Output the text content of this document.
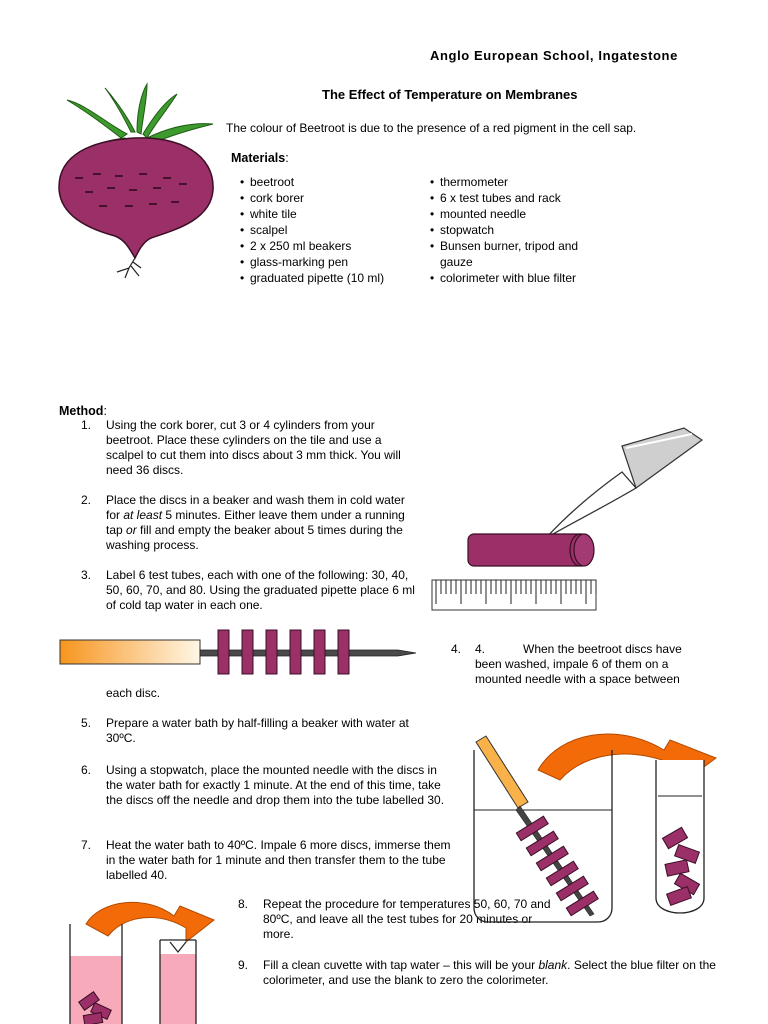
Anglo European School, Ingatestone
The Effect of Temperature on Membranes
The colour of Beetroot is due to the presence of a red pigment in the cell sap.
Materials:
• beetroot
• cork borer
• white tile
• scalpel
• 2 x 250 ml beakers
• glass-marking pen
• graduated pipette (10 ml)
• thermometer
• 6 x test tubes and rack
• mounted needle
• stopwatch
• Bunsen burner, tripod and gauze
• colorimeter with blue filter
Method:
1. Using the cork borer, cut 3 or 4 cylinders from your beetroot. Place these cylinders on the tile and use a scalpel to cut them into discs about 3 mm thick. You will need 36 discs.
2. Place the discs in a beaker and wash them in cold water for at least 5 minutes. Either leave them under a running tap or fill and empty the beaker about 5 times during the washing process.
3. Label 6 test tubes, each with one of the following: 30, 40, 50, 60, 70, and 80. Using the graduated pipette place 6 ml of cold tap water in each one.
4. 4.	When the beetroot discs have been washed, impale 6 of them on a mounted needle with a space between
each disc.
5. Prepare a water bath by half-filling a beaker with water at 30ºC.
6. Using a stopwatch, place the mounted needle with the discs in the water bath for exactly 1 minute. At the end of this time, take the discs off the needle and drop them into the tube labelled 30.
7. Heat the water bath to 40ºC. Impale 6 more discs, immerse them in the water bath for 1 minute and then transfer them to the tube labelled 40.
8. Repeat the procedure for temperatures 50, 60, 70 and 80ºC, and leave all the test tubes for 20 minutes or more.
9. Fill a clean cuvette with tap water – this will be your blank. Select the blue filter on the colorimeter, and use the blank to zero the colorimeter.
